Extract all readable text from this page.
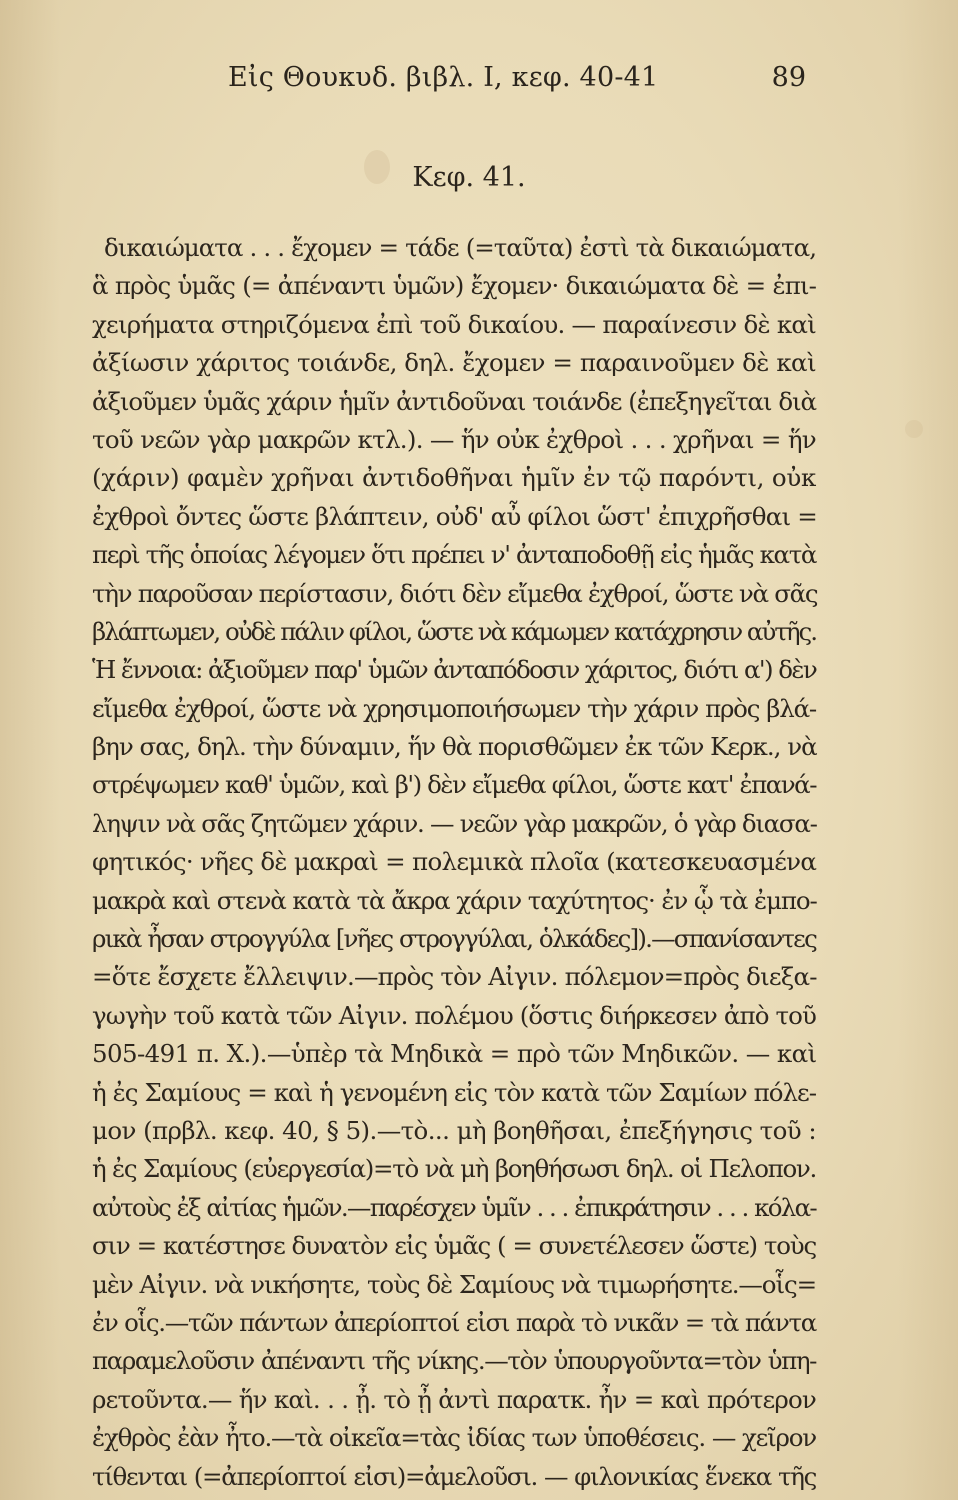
Εἰς Θουκυδ. βιβλ. Ι, κεφ. 40-41	89
Κεφ. 41.
δικαιώματα . . . ἔχομεν = τάδε (=ταῦτα) ἐστὶ τὰ δικαιώματα,
ἃ πρὸς ὑμᾶς (= ἀπέναντι ὑμῶν) ἔχομεν· δικαιώματα δὲ = ἐπι-
χειρήματα στηριζόμενα ἐπὶ τοῦ δικαίου. — παραίνεσιν δὲ καὶ
ἀξίωσιν χάριτος τοιάνδε, δηλ. ἔχομεν = παραινοῦμεν δὲ καὶ
ἀξιοῦμεν ὑμᾶς χάριν ἡμῖν ἀντιδοῦναι τοιάνδε (ἐπεξηγεῖται διὰ
τοῦ νεῶν γὰρ μακρῶν κτλ.). — ἥν οὐκ ἐχθροὶ . . . χρῆναι = ἥν
(χάριν) φαμὲν χρῆναι ἀντιδοθῆναι ἡμῖν ἐν τῷ παρόντι, οὐκ
ἐχθροὶ ὄντες ὥστε βλάπτειν, οὐδ' αὖ φίλοι ὥστ' ἐπιχρῆσθαι =
περὶ τῆς ὁποίας λέγομεν ὅτι πρέπει ν' ἀνταποδοθῇ εἰς ἡμᾶς κατὰ
τὴν παροῦσαν περίστασιν, διότι δὲν εἴμεθα ἐχθροί, ὥστε νὰ σᾶς
βλάπτωμεν, οὐδὲ πάλιν φίλοι, ὥστε νὰ κάμωμεν κατάχρησιν αὐτῆς.
Ἡ ἔννοια: ἀξιοῦμεν παρ' ὑμῶν ἀνταπόδοσιν χάριτος, διότι α') δὲν
εἴμεθα ἐχθροί, ὥστε νὰ χρησιμοποιήσωμεν τὴν χάριν πρὸς βλά-
βην σας, δηλ. τὴν δύναμιν, ἥν θὰ πορισθῶμεν ἐκ τῶν Κερκ., νὰ
στρέψωμεν καθ' ὑμῶν, καὶ β') δὲν εἴμεθα φίλοι, ὥστε κατ' ἐπανά-
ληψιν νὰ σᾶς ζητῶμεν χάριν. — νεῶν γὰρ μακρῶν, ὁ γὰρ διασα-
φητικός· νῆες δὲ μακραὶ = πολεμικὰ πλοῖα (κατεσκευασμένα
μακρὰ καὶ στενὰ κατὰ τὰ ἄκρα χάριν ταχύτητος· ἐν ᾧ τὰ ἐμπο-
ρικὰ ἦσαν στρογγύλα [νῆες στρογγύλαι, ὁλκάδες]).—σπανίσαντες
=ὅτε ἔσχετε ἔλλειψιν.—πρὸς τὸν Αἰγιν. πόλεμον=πρὸς διεξα-
γωγὴν τοῦ κατὰ τῶν Αἰγιν. πολέμου (ὅστις διήρκεσεν ἀπὸ τοῦ
505-491 π. Χ.).—ὑπὲρ τὰ Μηδικὰ = πρὸ τῶν Μηδικῶν. — καὶ
ἡ ἐς Σαμίους = καὶ ἡ γενομένη εἰς τὸν κατὰ τῶν Σαμίων πόλε-
μον (πρβλ. κεφ. 40, § 5).—τὸ... μὴ βοηθῆσαι, ἐπεξήγησις τοῦ :
ἡ ἐς Σαμίους (εὐεργεσία)=τὸ νὰ μὴ βοηθήσωσι δηλ. οἱ Πελοπον.
αὐτοὺς ἐξ αἰτίας ἡμῶν.—παρέσχεν ὑμῖν . . . ἐπικράτησιν . . . κόλα-
σιν = κατέστησε δυνατὸν εἰς ὑμᾶς ( = συνετέλεσεν ὥστε) τοὺς
μὲν Αἰγιν. νὰ νικήσητε, τοὺς δὲ Σαμίους νὰ τιμωρήσητε.—οἷς=
ἐν οἷς.—τῶν πάντων ἀπερίοπτοί εἰσι παρὰ τὸ νικᾶν = τὰ πάντα
παραμελοῦσιν ἀπέναντι τῆς νίκης.—τὸν ὑπουργοῦντα=τὸν ὑπη-
ρετοῦντα.— ἥν καὶ. . . ᾖ. τὸ ᾖ ἀντὶ παρατκ. ἦν = καὶ πρότερον
ἐχθρὸς ἐὰν ἦτο.—τὰ οἰκεῖα=τὰς ἰδίας των ὑποθέσεις. — χεῖρον
τίθενται (=ἀπερίοπτοί εἰσι)=ἀμελοῦσι. — φιλονικίας ἕνεκα τῆς
